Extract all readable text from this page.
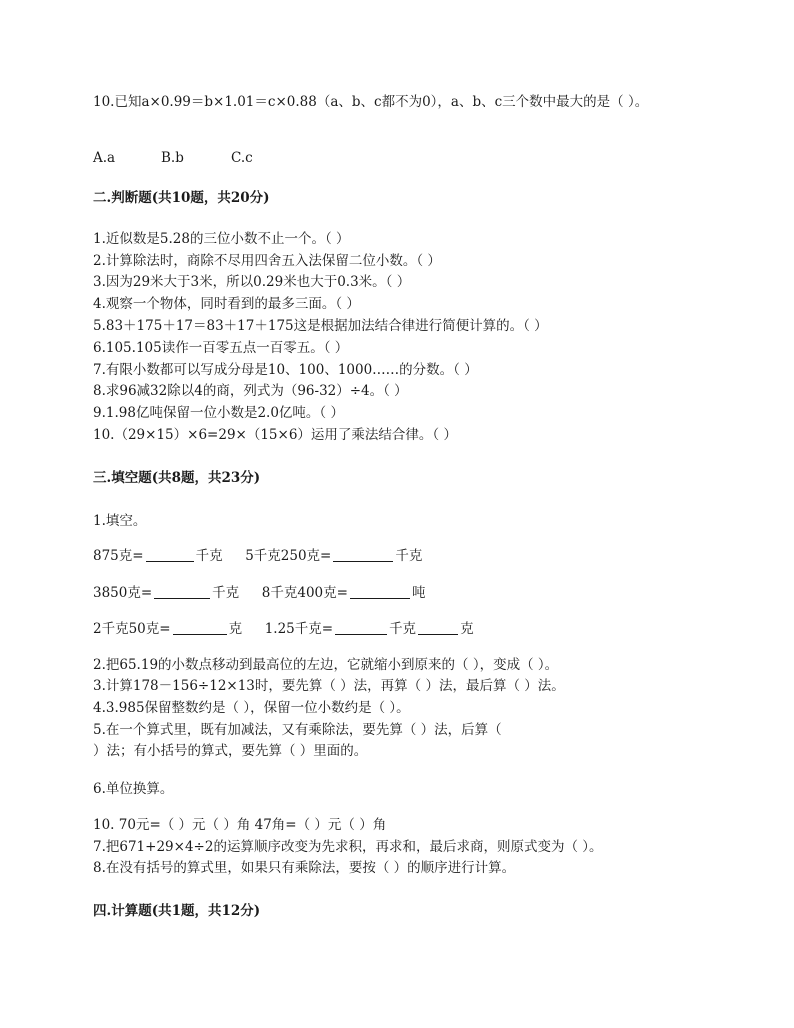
10.已知a×0.99＝b×1.01＝c×0.88（a、b、c都不为0），a、b、c三个数中最大的是（ ）。
A.a	B.b	C.c
二.判断题(共10题，共20分)
1.近似数是5.28的三位小数不止一个。（ ）
2.计算除法时，商除不尽用四舍五入法保留二位小数。（ ）
3.因为29米大于3米，所以0.29米也大于0.3米。（ ）
4.观察一个物体，同时看到的最多三面。（ ）
5.83＋175＋17＝83＋17＋175这是根据加法结合律进行简便计算的。（ ）
6.105.105读作一百零五点一百零五。（ ）
7.有限小数都可以写成分母是10、100、1000……的分数。（ ）
8.求96减32除以4的商，列式为（96-32）÷4。（ ）
9.1.98亿吨保留一位小数是2.0亿吨。（ ）
10.（29×15）×6=29×（15×6）运用了乘法结合律。（ ）
三.填空题(共8题，共23分)
1.填空。
875克=	千克 5千克250克=	千克
3850克=	千克 8千克400克=	吨
2千克50克=	克 1.25千克=	千克	克
2.把65.19的小数点移动到最高位的左边，它就缩小到原来的（ ），变成（ ）。
3.计算178－156÷12×13时，要先算（ ）法，再算（ ）法，最后算（ ）法。
4.3.985保留整数约是（ ），保留一位小数约是（ ）。
5.在一个算式里，既有加减法，又有乘除法，要先算（ ）法，后算（
）法；有小括号的算式，要先算（ ）里面的。
6.单位换算。
10. 70元=（ ）元（ ）角 47角=（ ）元（ ）角
7.把671+29×4÷2的运算顺序改变为先求积，再求和，最后求商，则原式变为（ ）。
8.在没有括号的算式里，如果只有乘除法，要按（ ）的顺序进行计算。
四.计算题(共1题，共12分)
